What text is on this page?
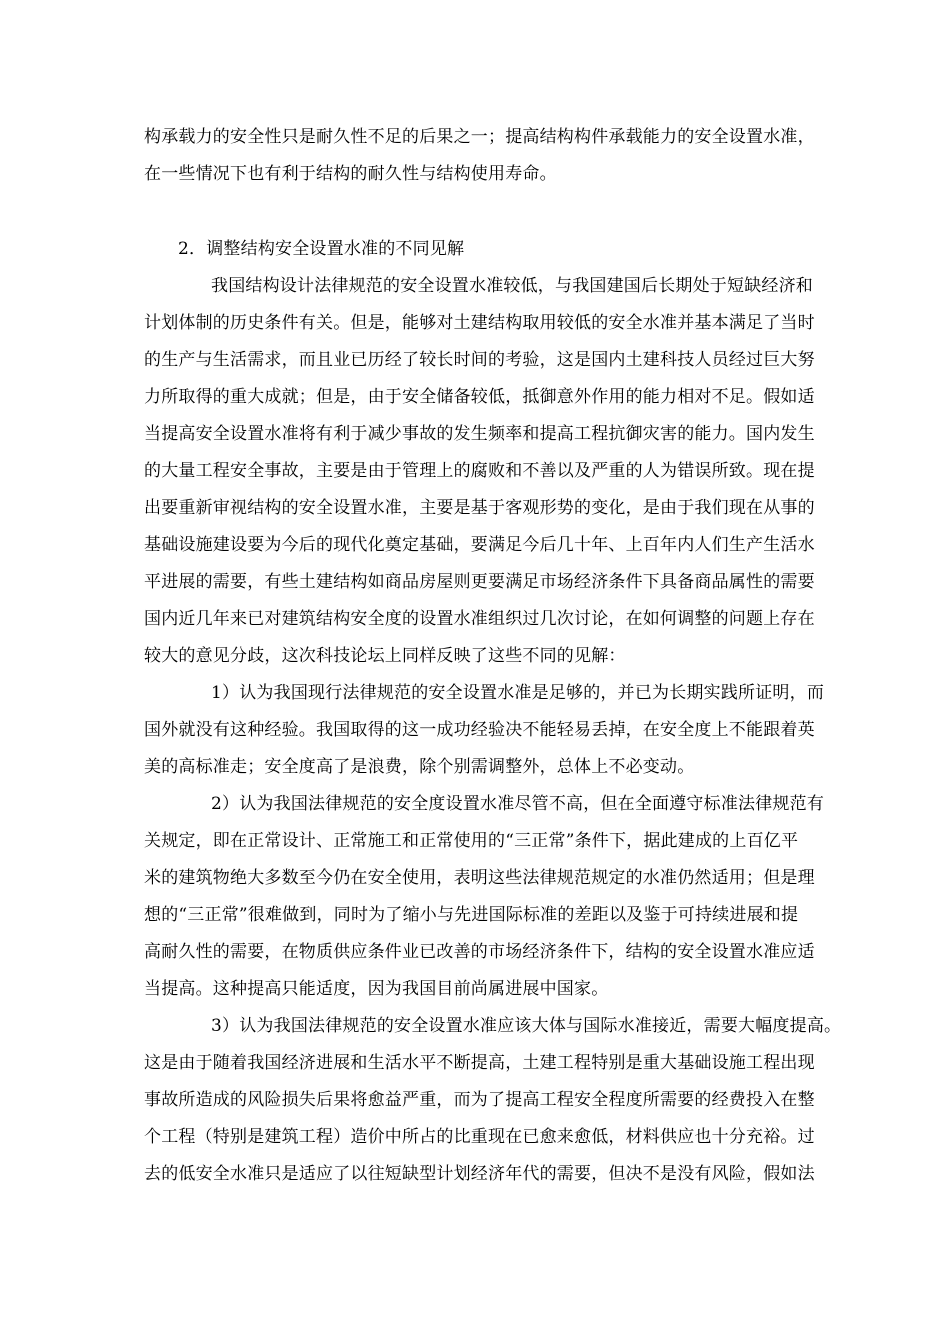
构承载力的安全性只是耐久性不足的后果之一；提高结构构件承载能力的安全设置水准，
在一些情况下也有利于结构的耐久性与结构使用寿命。
2．调整结构安全设置水准的不同见解
我国结构设计法律规范的安全设置水准较低，与我国建国后长期处于短缺经济和
计划体制的历史条件有关。但是，能够对土建结构取用较低的安全水准并基本满足了当时
的生产与生活需求，而且业已历经了较长时间的考验，这是国内土建科技人员经过巨大努
力所取得的重大成就；但是，由于安全储备较低，抵御意外作用的能力相对不足。假如适
当提高安全设置水准将有利于减少事故的发生频率和提高工程抗御灾害的能力。国内发生
的大量工程安全事故，主要是由于管理上的腐败和不善以及严重的人为错误所致。现在提
出要重新审视结构的安全设置水准，主要是基于客观形势的变化，是由于我们现在从事的
基础设施建设要为今后的现代化奠定基础，要满足今后几十年、上百年内人们生产生活水
平进展的需要，有些土建结构如商品房屋则更要满足市场经济条件下具备商品属性的需要
国内近几年来已对建筑结构安全度的设置水准组织过几次讨论，在如何调整的问题上存在
较大的意见分歧，这次科技论坛上同样反映了这些不同的见解：
1）认为我国现行法律规范的安全设置水准是足够的，并已为长期实践所证明，而
国外就没有这种经验。我国取得的这一成功经验决不能轻易丢掉，在安全度上不能跟着英
美的高标准走；安全度高了是浪费，除个别需调整外，总体上不必变动。
2）认为我国法律规范的安全度设置水准尽管不高，但在全面遵守标准法律规范有
关规定，即在正常设计、正常施工和正常使用的“三正常”条件下，据此建成的上百亿平
米的建筑物绝大多数至今仍在安全使用，表明这些法律规范规定的水准仍然适用；但是理
想的“三正常”很难做到，同时为了缩小与先进国际标准的差距以及鉴于可持续进展和提
高耐久性的需要，在物质供应条件业已改善的市场经济条件下，结构的安全设置水准应适
当提高。这种提高只能适度，因为我国目前尚属进展中国家。
3）认为我国法律规范的安全设置水准应该大体与国际水准接近，需要大幅度提高。
这是由于随着我国经济进展和生活水平不断提高，土建工程特别是重大基础设施工程出现
事故所造成的风险损失后果将愈益严重，而为了提高工程安全程度所需要的经费投入在整
个工程（特别是建筑工程）造价中所占的比重现在已愈来愈低，材料供应也十分充裕。过
去的低安全水准只是适应了以往短缺型计划经济年代的需要，但决不是没有风险，假如法
